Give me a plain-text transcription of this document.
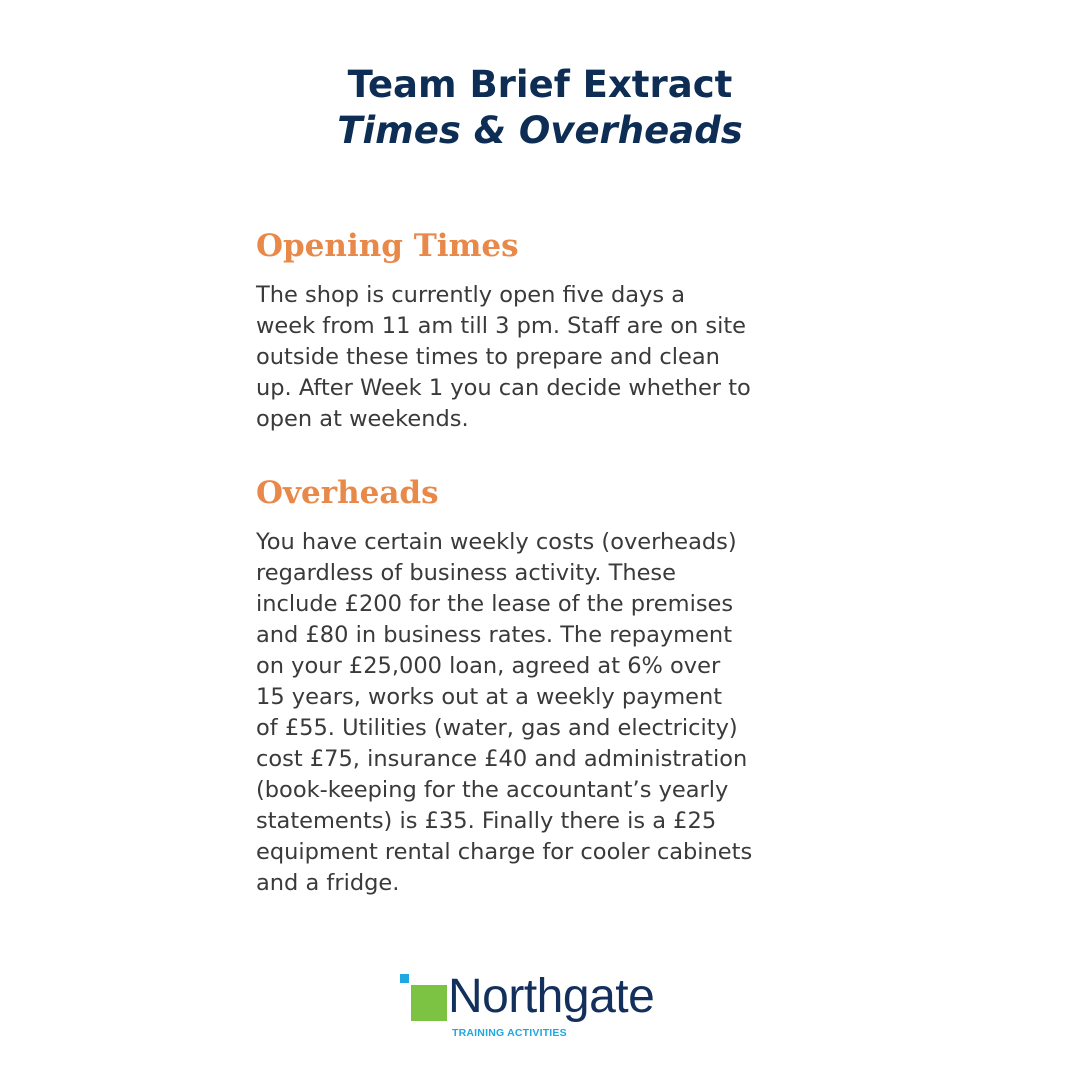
Team Brief Extract
Times & Overheads
Opening Times

The shop is currently open five days a
week from 11 am till 3 pm. Staff are on site
outside these times to prepare and clean
up. After Week 1 you can decide whether to
open at weekends.

Overheads

You have certain weekly costs (overheads)
regardless of business activity. These
include £200 for the lease of the premises
and £80 in business rates. The repayment
on your £25,000 loan, agreed at 6% over
15 years, works out at a weekly payment
of £55. Utilities (water, gas and electricity)
cost £75, insurance £40 and administration
(book-keeping for the accountant’s yearly
statements) is £35. Finally there is a £25
equipment rental charge for cooler cabinets
and a fridge.

Northgate
TRAINING ACTIVITIES
